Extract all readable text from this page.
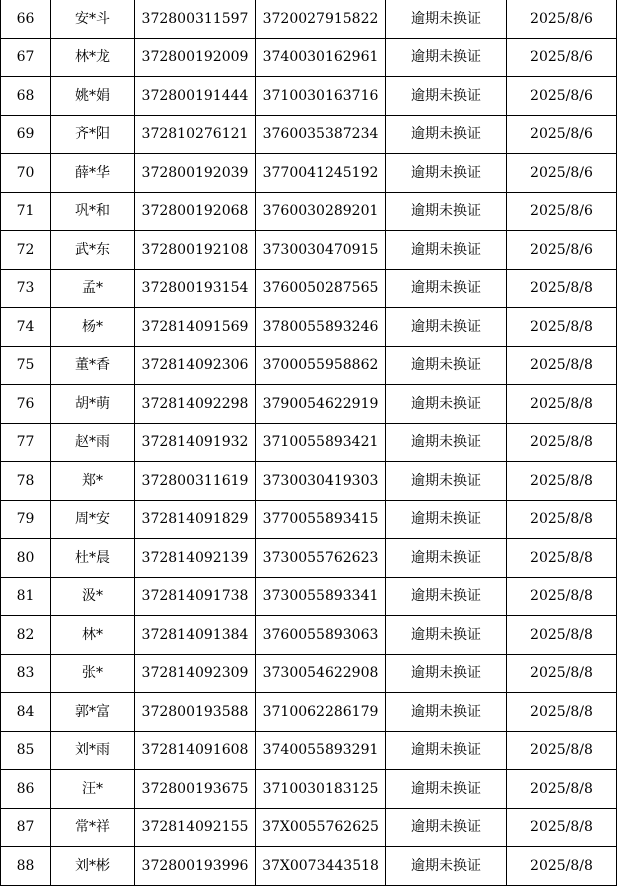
66	安*斗	372800311597	3720027915822	逾期未换证	2025/8/6
67	林*龙	372800192009	3740030162961	逾期未换证	2025/8/6
68	姚*娟	372800191444	3710030163716	逾期未换证	2025/8/6
69	齐*阳	372810276121	3760035387234	逾期未换证	2025/8/6
70	薛*华	372800192039	3770041245192	逾期未换证	2025/8/6
71	巩*和	372800192068	3760030289201	逾期未换证	2025/8/6
72	武*东	372800192108	3730030470915	逾期未换证	2025/8/6
73	孟*	372800193154	3760050287565	逾期未换证	2025/8/8
74	杨*	372814091569	3780055893246	逾期未换证	2025/8/8
75	董*香	372814092306	3700055958862	逾期未换证	2025/8/8
76	胡*萌	372814092298	3790054622919	逾期未换证	2025/8/8
77	赵*雨	372814091932	3710055893421	逾期未换证	2025/8/8
78	郑*	372800311619	3730030419303	逾期未换证	2025/8/8
79	周*安	372814091829	3770055893415	逾期未换证	2025/8/8
80	杜*晨	372814092139	3730055762623	逾期未换证	2025/8/8
81	汲*	372814091738	3730055893341	逾期未换证	2025/8/8
82	林*	372814091384	3760055893063	逾期未换证	2025/8/8
83	张*	372814092309	3730054622908	逾期未换证	2025/8/8
84	郭*富	372800193588	3710062286179	逾期未换证	2025/8/8
85	刘*雨	372814091608	3740055893291	逾期未换证	2025/8/8
86	汪*	372800193675	3710030183125	逾期未换证	2025/8/8
87	常*祥	372814092155	37X0055762625	逾期未换证	2025/8/8
88	刘*彬	372800193996	37X0073443518	逾期未换证	2025/8/8
